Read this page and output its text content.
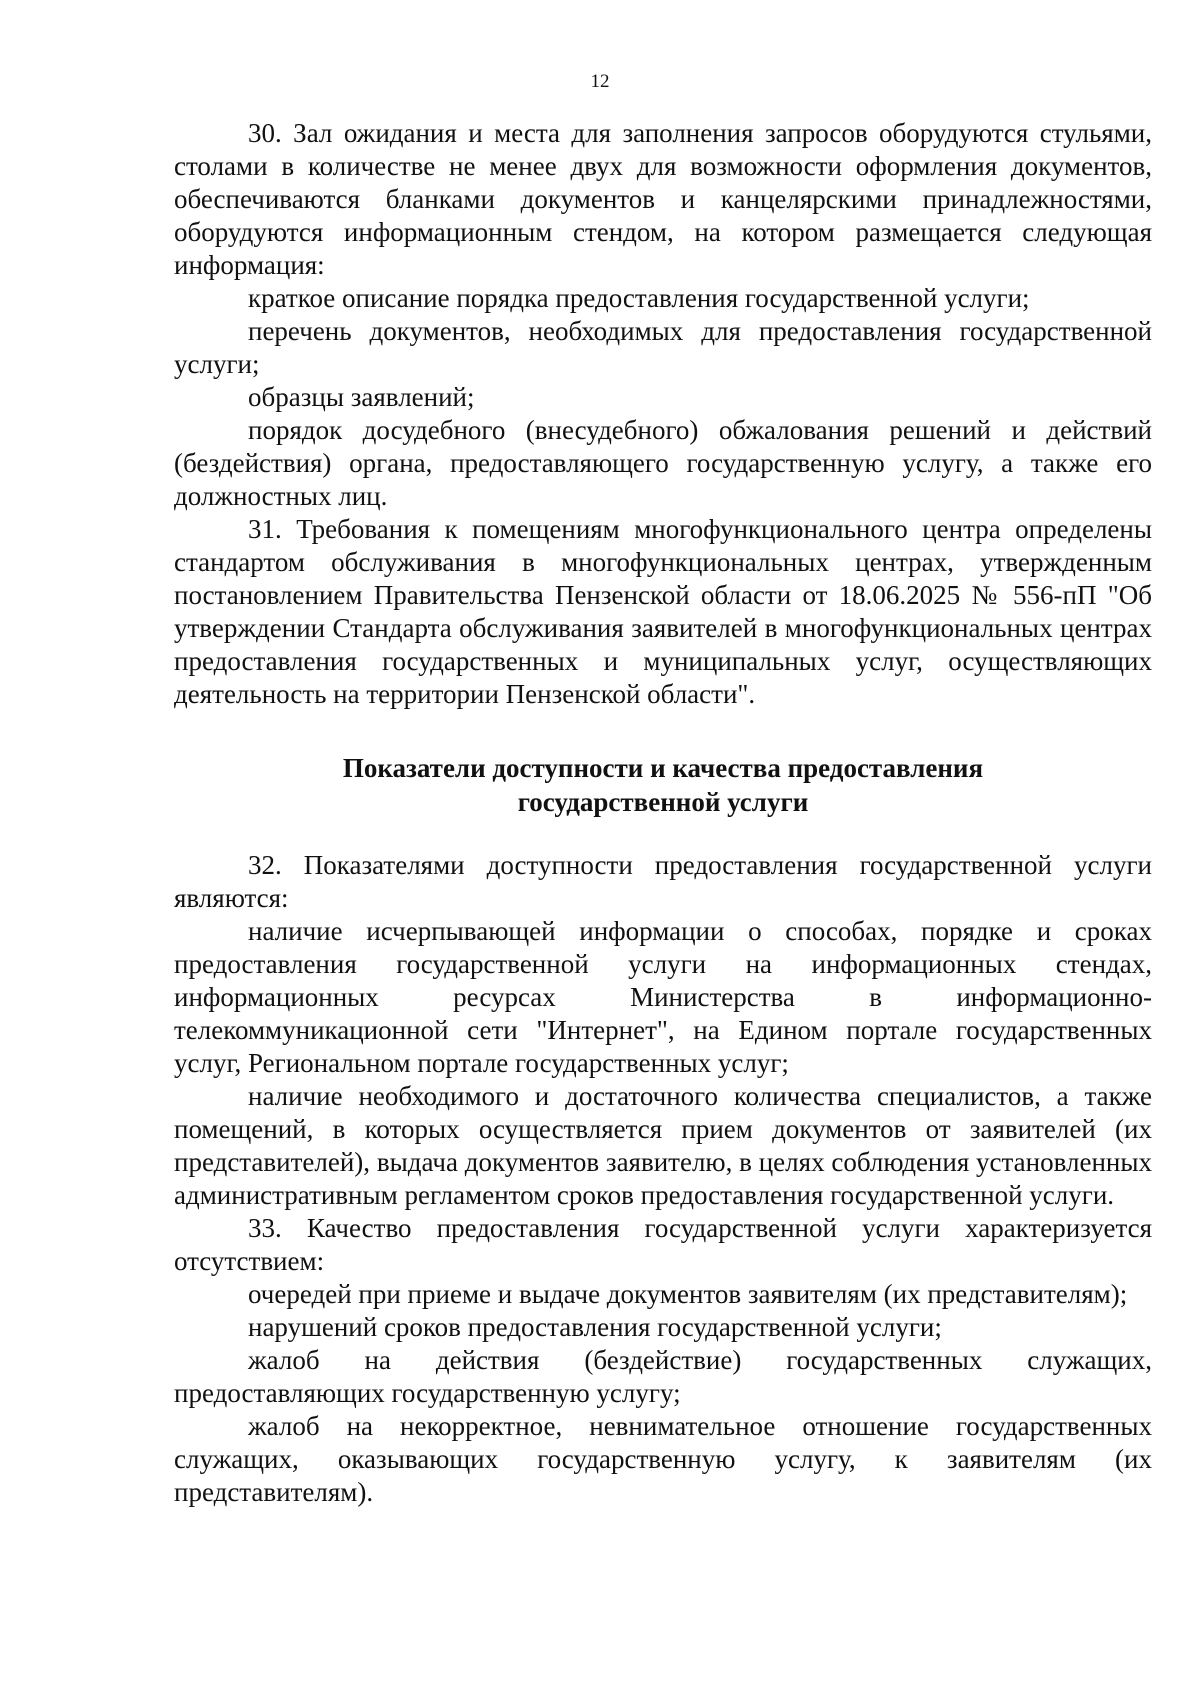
12

30. Зал ожидания и места для заполнения запросов оборудуются стульями, столами в количестве не менее двух для возможности оформления документов, обеспечиваются бланками документов и канцелярскими принадлежностями, оборудуются информационным стендом, на котором размещается следующая информация:

краткое описание порядка предоставления государственной услуги;

перечень документов, необходимых для предоставления государственной услуги;

образцы заявлений;

порядок досудебного (внесудебного) обжалования решений и действий (бездействия) органа, предоставляющего государственную услугу, а также его должностных лиц.

31. Требования к помещениям многофункционального центра определены стандартом обслуживания в многофункциональных центрах, утвержденным постановлением Правительства Пензенской области от 18.06.2025 № 556-пП "Об утверждении Стандарта обслуживания заявителей в многофункциональных центрах предоставления государственных и муниципальных услуг, осуществляющих деятельность на территории Пензенской области".

Показатели доступности и качества предоставления
государственной услуги

32. Показателями доступности предоставления государственной услуги являются:

наличие исчерпывающей информации о способах, порядке и сроках предоставления государственной услуги на информационных стендах, информационных ресурсах Министерства в информационно-телекоммуникационной сети "Интернет", на Едином портале государственных услуг, Региональном портале государственных услуг;

наличие необходимого и достаточного количества специалистов, а также помещений, в которых осуществляется прием документов от заявителей (их представителей), выдача документов заявителю, в целях соблюдения установленных административным регламентом сроков предоставления государственной услуги.

33. Качество предоставления государственной услуги характеризуется отсутствием:

очередей при приеме и выдаче документов заявителям (их представителям);

нарушений сроков предоставления государственной услуги;

жалоб на действия (бездействие) государственных служащих, предоставляющих государственную услугу;

жалоб на некорректное, невнимательное отношение государственных служащих, оказывающих государственную услугу, к заявителям (их представителям).
